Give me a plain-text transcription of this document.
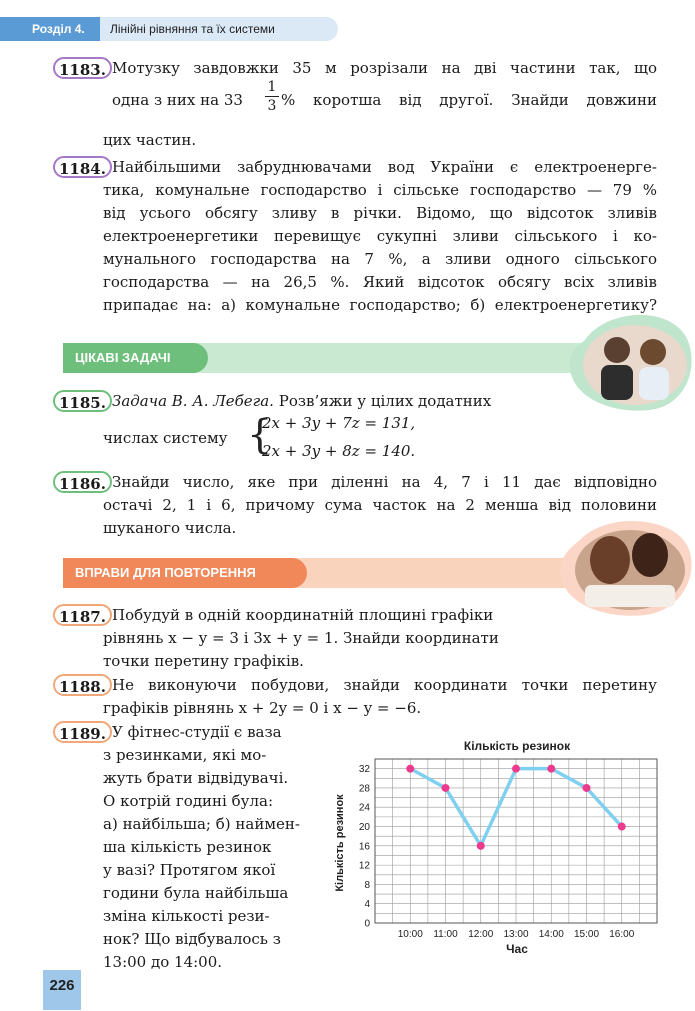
Розділ 4.	Лінійні рівняння та їх системи
1183. Мотузку завдовжки 35 м розрізали на дві частини так, що
одна з них на $33 \frac{1}{3}$ % коротша від другої. Знайди довжини
цих частин.
1184. Найбільшими забруднювачами вод України є електроенерге-
тика, комунальне господарство і сільське господарство — 79 %
від усього обсягу зливу в річки. Відомо, що відсоток зливів
електроенергетики перевищує сукупні зливи сільського і ко-
мунального господарства на 7 %, а зливи одного сільського
господарства — на 26,5 %. Який відсоток обсягу всіх зливів
припадає на: а) комунальне господарство; б) електроенергетику?
ЦІКАВІ ЗАДАЧІ
1185. Задача В. А. Лебега. Розв’яжи у цілих додатних
числах систему {
2x + 3y + 7z = 131,
2x + 3y + 8z = 140.
1186. Знайди число, яке при діленні на 4, 7 і 11 дає відповідно
остачі 2, 1 і 6, причому сума часток на 2 менша від половини
шуканого числа.
ВПРАВИ ДЛЯ ПОВТОРЕННЯ
1187. Побудуй в одній координатній площині графіки
рівнянь x − y = 3 і 3x + y = 1. Знайди координати
точки перетину графіків.
1188. Не виконуючи побудови, знайди координати точки перетину
графіків рівнянь x + 2y = 0 і x − y = −6.
1189. У фітнес-студії є ваза
з резинками, які мо-
жуть брати відвідувачі.
О котрій годині була:
а) найбільша; б) наймен-
ша кількість резинок
у вазі? Протягом якої
години була найбільша
зміна кількості рези-
нок? Що відбувалось з
13:00 до 14:00.
Кількість резинок
Час
Кількість резинок
0
4
8
12
16
20
24
28
32
10:00 11:00 12:00 13:00 14:00 15:00 16:00
226
